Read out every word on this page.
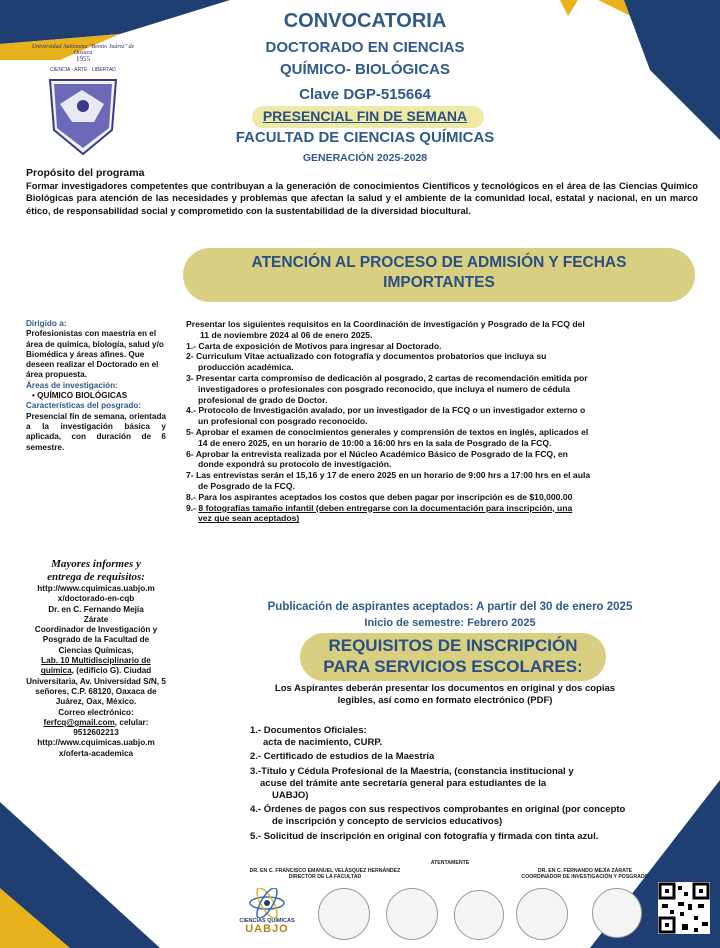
Universidad Autónoma "Benito Juárez" de Oaxaca
1955
CIENCIA · ARTE · LIBERTAD
CONVOCATORIA
DOCTORADO EN CIENCIAS
QUÍMICO- BIOLÓGICAS
Clave DGP-515664
PRESENCIAL FIN DE SEMANA
FACULTAD DE CIENCIAS QUÍMICAS
GENERACIÓN 2025-2028
Propósito del programa
Formar investigadores competentes que contribuyan a la generación de conocimientos Científicos y tecnológicos en el área de las Ciencias Químico Biológicas para atención de las necesidades y problemas que afectan la salud y el ambiente de la comunidad local, estatal y nacional, en un marco ético, de responsabilidad social y comprometido con la sustentabilidad de la diversidad biocultural.
ATENCIÓN AL PROCESO DE ADMISIÓN Y FECHAS
IMPORTANTES
Dirigido a:
Profesionistas con maestría en el área de química, biología, salud y/o Biomédica y áreas afines. Que deseen realizar el Doctorado en el área propuesta.
Áreas de investigación:
• QUÍMICO BIOLÓGICAS
Características del posgrado:
Presencial fin de semana, orientada a la investigación básica y aplicada, con duración de 6 semestre.
Mayores informes y
entrega de requisitos:
http://www.cquimicas.uabjo.m
x/doctorado-en-cqb
Dr. en C. Fernando Mejía
Zárate
Coordinador de Investigación y Posgrado de la Facultad de Ciencias Químicas,
Lab. 10 Multidisciplinario de química, (edificio G). Ciudad Universitaria, Av. Universidad S/N, 5 señores, C.P. 68120, Oaxaca de Juárez, Oax, México.
Correo electrónico:
ferfcq@gmail.com, celular:
9512602213
http://www.cquimicas.uabjo.m
x/oferta-academica
Presentar los siguientes requisitos en la Coordinación de investigación y Posgrado de la FCQ del
11 de noviembre 2024 al 06 de enero 2025.
1.- Carta de exposición de Motivos para ingresar al Doctorado.
2- Curriculum Vitae actualizado con fotografía y documentos probatorios que incluya su
producción académica.
3- Presentar carta compromiso de dedicación al posgrado, 2 cartas de recomendación emitida por
investigadores o profesionales con posgrado reconocido, que incluya el numero de cédula
profesional de grado de Doctor.
4.- Protocolo de Investigación avalado, por un investigador de la FCQ o un investigador externo o
un profesional con posgrado reconocido.
5- Aprobar el examen de conocimientos generales y comprensión de textos en inglés, aplicados el
14 de enero 2025, en un horario de 10:00 a 16:00 hrs en la sala de Posgrado de la FCQ.
6- Aprobar la entrevista realizada por el Núcleo Académico Básico de Posgrado de la FCQ, en
donde expondrá su protocolo de investigación.
7- Las entrevistas serán el 15,16 y 17 de enero 2025 en un horario de 9:00 hrs a 17:00 hrs en el aula
de Posgrado de la FCQ.
8.- Para los aspirantes aceptados los costos que deben pagar por inscripción es de $10,000.00
9.- 8 fotografías tamaño infantil (deben entregarse con la documentación para inscripción, una
vez que sean aceptados)
Publicación de aspirantes aceptados: A partir del 30 de enero 2025
Inicio de semestre: Febrero 2025
REQUISITOS DE INSCRIPCIÓN
PARA SERVICIOS ESCOLARES:
Los Aspirantes deberán presentar los documentos en original y dos copias
legibles, así como en formato electrónico (PDF)
1.- Documentos Oficiales:
acta de nacimiento, CURP.
2.- Certificado de estudios de la Maestría
3.-Título y Cédula Profesional de la Maestría, (constancia institucional y
acuse del trámite ante secretaría general para estudiantes de la
UABJO)
4.- Órdenes de pagos con sus respectivos comprobantes en original (por concepto
de inscripción y concepto de servicios educativos)
5.- Solicitud de inscripción en original con fotografía y firmada con tinta azul.
ATENTAMENTE
DR. EN C. FRANCISCO EMANUEL VELÁSQUEZ HERNÁNDEZ
DIRECTOR DE LA FACULTAD
DR. EN C. FERNANDO MEJÍA ZÁRATE
COORDINADOR DE INVESTIGACIÓN Y POSGRADO
CIENCIAS QUÍMICAS
UABJO
